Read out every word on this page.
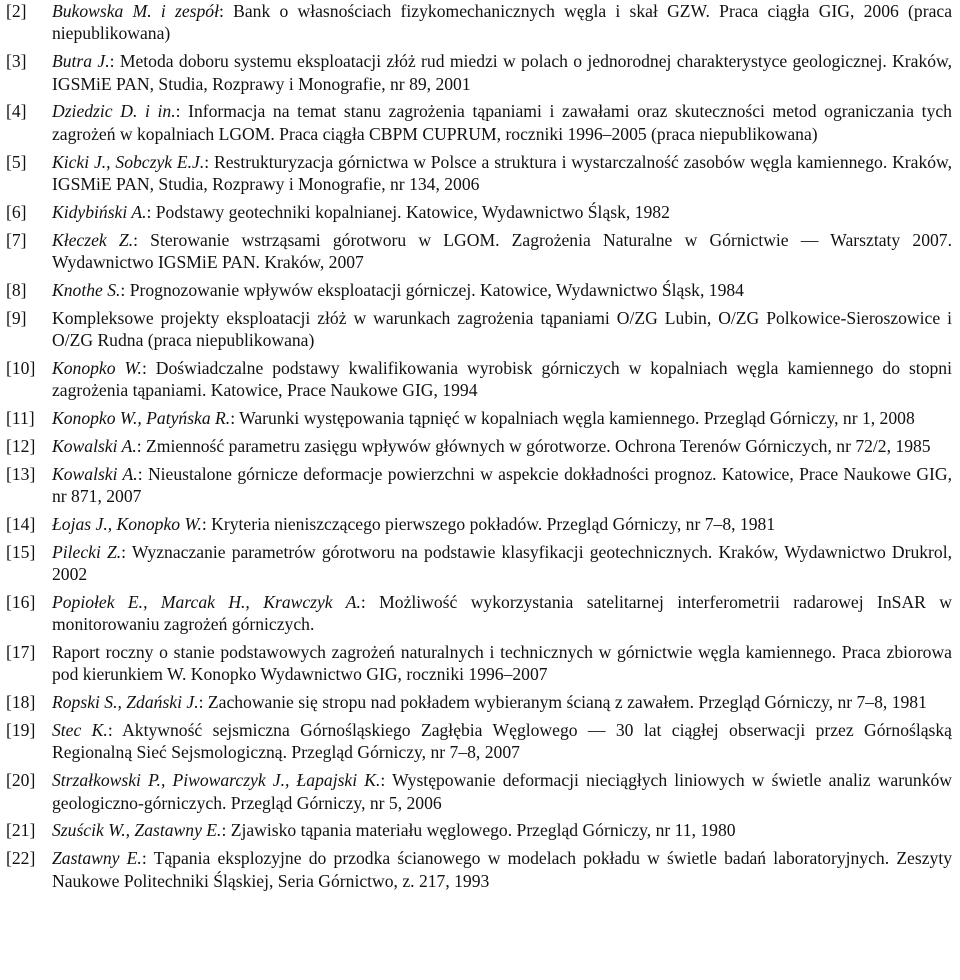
[2]	Bukowska M. i zespół: Bank o własnościach fizykomechanicznych węgla i skał GZW. Praca ciągła GIG, 2006 (praca niepublikowana)
[3]	Butra J.: Metoda doboru systemu eksploatacji złóż rud miedzi w polach o jednorodnej charakterystyce geologicznej. Kraków, IGSMiE PAN, Studia, Rozprawy i Monografie, nr 89, 2001
[4]	Dziedzic D. i in.: Informacja na temat stanu zagrożenia tąpaniami i zawałami oraz skuteczności metod ograniczania tych zagrożeń w kopalniach LGOM. Praca ciągła CBPM CUPRUM, roczniki 1996–2005 (praca niepublikowana)
[5]	Kicki J., Sobczyk E.J.: Restrukturyzacja górnictwa w Polsce a struktura i wystarczalność zasobów węgla kamiennego. Kraków, IGSMiE PAN, Studia, Rozprawy i Monografie, nr 134, 2006
[6]	Kidybiński A.: Podstawy geotechniki kopalnianej. Katowice, Wydawnictwo Śląsk, 1982
[7]	Kłeczek Z.: Sterowanie wstrząsami górotworu w LGOM. Zagrożenia Naturalne w Górnictwie — Warsztaty 2007. Wydawnictwo IGSMiE PAN. Kraków, 2007
[8]	Knothe S.: Prognozowanie wpływów eksploatacji górniczej. Katowice, Wydawnictwo Śląsk, 1984
[9]	Kompleksowe projekty eksploatacji złóż w warunkach zagrożenia tąpaniami O/ZG Lubin, O/ZG Polkowice-Sieroszowice i O/ZG Rudna (praca niepublikowana)
[10] Konopko W.: Doświadczalne podstawy kwalifikowania wyrobisk górniczych w kopalniach węgla kamiennego do stopni zagrożenia tąpaniami. Katowice, Prace Naukowe GIG, 1994
[11] Konopko W., Patyńska R.: Warunki występowania tąpnięć w kopalniach węgla kamiennego. Przegląd Górniczy, nr 1, 2008
[12] Kowalski A.: Zmienność parametru zasięgu wpływów głównych w górotworze. Ochrona Terenów Górniczych, nr 72/2, 1985
[13] Kowalski A.: Nieustalone górnicze deformacje powierzchni w aspekcie dokładności prognoz. Katowice, Prace Naukowe GIG, nr 871, 2007
[14] Łojas J., Konopko W.: Kryteria nieniszczącego pierwszego pokładów. Przegląd Górniczy, nr 7–8, 1981
[15] Pilecki Z.: Wyznaczanie parametrów górotworu na podstawie klasyfikacji geotechnicznych. Kraków, Wydawnictwo Drukrol, 2002
[16] Popiołek E., Marcak H., Krawczyk A.: Możliwość wykorzystania satelitarnej interferometrii radarowej InSAR w monitorowaniu zagrożeń górniczych.
[17] Raport roczny o stanie podstawowych zagrożeń naturalnych i technicznych w górnictwie węgla kamiennego. Praca zbiorowa pod kierunkiem W. Konopko Wydawnictwo GIG, roczniki 1996–2007
[18] Ropski S., Zdański J.: Zachowanie się stropu nad pokładem wybieranym ścianą z zawałem. Przegląd Górniczy, nr 7–8, 1981
[19] Stec K.: Aktywność sejsmiczna Górnośląskiego Zagłębia Węglowego — 30 lat ciągłej obserwacji przez Górnośląską Regionalną Sieć Sejsmologiczną. Przegląd Górniczy, nr 7–8, 2007
[20] Strzałkowski P., Piwowarczyk J., Łapajski K.: Występowanie deformacji nieciągłych liniowych w świetle analiz warunków geologiczno-górniczych. Przegląd Górniczy, nr 5, 2006
[21] Szuścik W., Zastawny E.: Zjawisko tąpania materiału węglowego. Przegląd Górniczy, nr 11, 1980
[22] Zastawny E.: Tąpania eksplozyjne do przodka ścianowego w modelach pokładu w świetle badań laboratoryjnych. Zeszyty Naukowe Politechniki Śląskiej, Seria Górnictwo, z. 217, 1993
